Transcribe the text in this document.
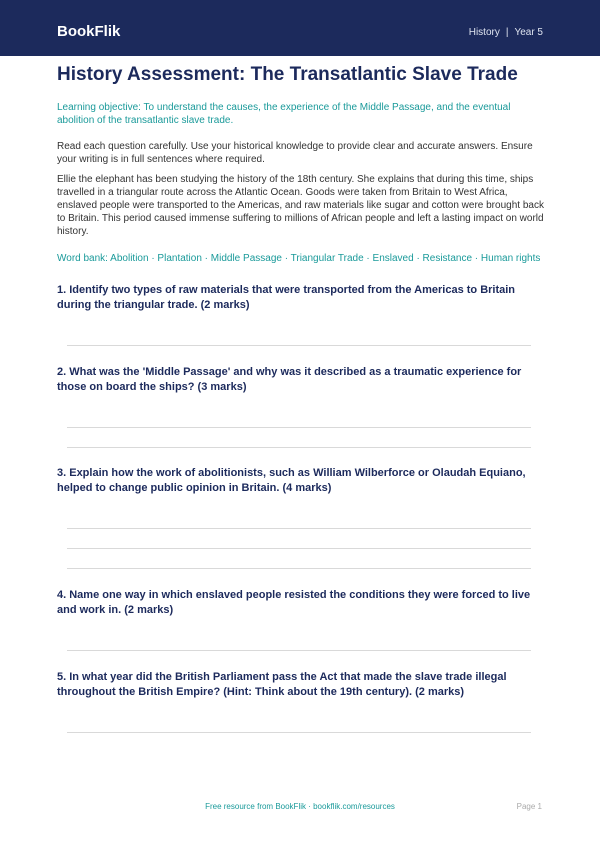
BookFlik	History | Year 5
History Assessment: The Transatlantic Slave Trade

Learning objective: To understand the causes, the experience of the Middle Passage, and the eventual abolition of the transatlantic slave trade.

Read each question carefully. Use your historical knowledge to provide clear and accurate answers. Ensure your writing is in full sentences where required.

Ellie the elephant has been studying the history of the 18th century. She explains that during this time, ships travelled in a triangular route across the Atlantic Ocean. Goods were taken from Britain to West Africa, enslaved people were transported to the Americas, and raw materials like sugar and cotton were brought back to Britain. This period caused immense suffering to millions of African people and left a lasting impact on world history.

Word bank: Abolition · Plantation · Middle Passage · Triangular Trade · Enslaved · Resistance · Human rights

1. Identify two types of raw materials that were transported from the Americas to Britain during the triangular trade. (2 marks)

2. What was the 'Middle Passage' and why was it described as a traumatic experience for those on board the ships? (3 marks)

3. Explain how the work of abolitionists, such as William Wilberforce or Olaudah Equiano, helped to change public opinion in Britain. (4 marks)

4. Name one way in which enslaved people resisted the conditions they were forced to live and work in. (2 marks)

5. In what year did the British Parliament pass the Act that made the slave trade illegal throughout the British Empire? (Hint: Think about the 19th century). (2 marks)

Free resource from BookFlik · bookflik.com/resources	Page 1
